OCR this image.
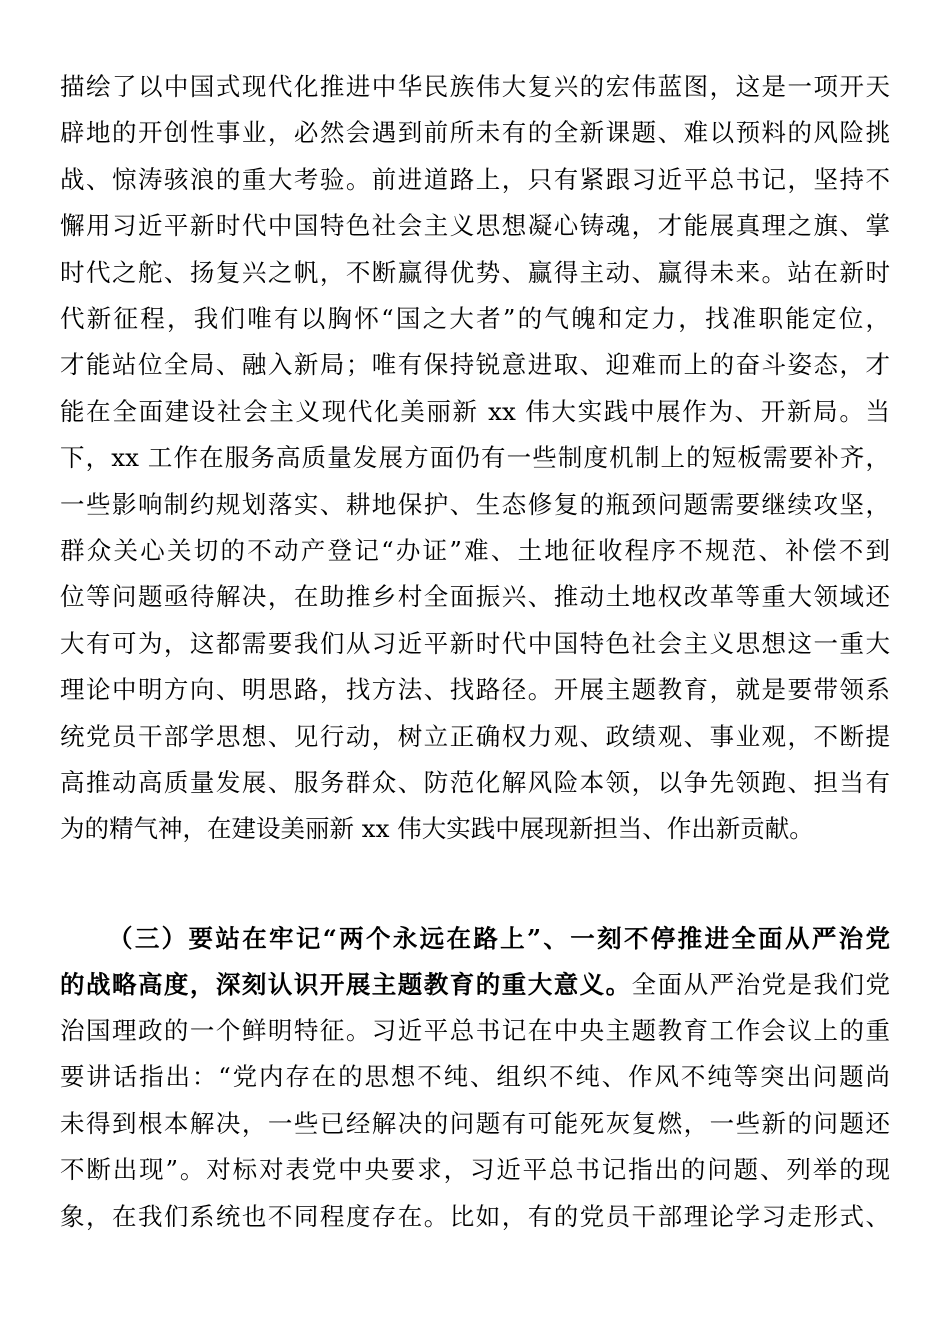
描绘了以中国式现代化推进中华民族伟大复兴的宏伟蓝图，这是一项开天
辟地的开创性事业，必然会遇到前所未有的全新课题、难以预料的风险挑
战、惊涛骇浪的重大考验。前进道路上，只有紧跟习近平总书记，坚持不
懈用习近平新时代中国特色社会主义思想凝心铸魂，才能展真理之旗、掌
时代之舵、扬复兴之帆，不断赢得优势、赢得主动、赢得未来。站在新时
代新征程，我们唯有以胸怀“国之大者”的气魄和定力，找准职能定位，
才能站位全局、融入新局；唯有保持锐意进取、迎难而上的奋斗姿态，才
能在全面建设社会主义现代化美丽新 xx 伟大实践中展作为、开新局。当
下，xx 工作在服务高质量发展方面仍有一些制度机制上的短板需要补齐，
一些影响制约规划落实、耕地保护、生态修复的瓶颈问题需要继续攻坚，
群众关心关切的不动产登记“办证”难、土地征收程序不规范、补偿不到
位等问题亟待解决，在助推乡村全面振兴、推动土地权改革等重大领域还
大有可为，这都需要我们从习近平新时代中国特色社会主义思想这一重大
理论中明方向、明思路，找方法、找路径。开展主题教育，就是要带领系
统党员干部学思想、见行动，树立正确权力观、政绩观、事业观，不断提
高推动高质量发展、服务群众、防范化解风险本领，以争先领跑、担当有
为的精气神，在建设美丽新 xx 伟大实践中展现新担当、作出新贡献。
（三）要站在牢记“两个永远在路上”、一刻不停推进全面从严治党
的战略高度，深刻认识开展主题教育的重大意义。全面从严治党是我们党
治国理政的一个鲜明特征。习近平总书记在中央主题教育工作会议上的重
要讲话指出：“党内存在的思想不纯、组织不纯、作风不纯等突出问题尚
未得到根本解决，一些已经解决的问题有可能死灰复燃，一些新的问题还
不断出现”。对标对表党中央要求，习近平总书记指出的问题、列举的现
象，在我们系统也不同程度存在。比如，有的党员干部理论学习走形式、
